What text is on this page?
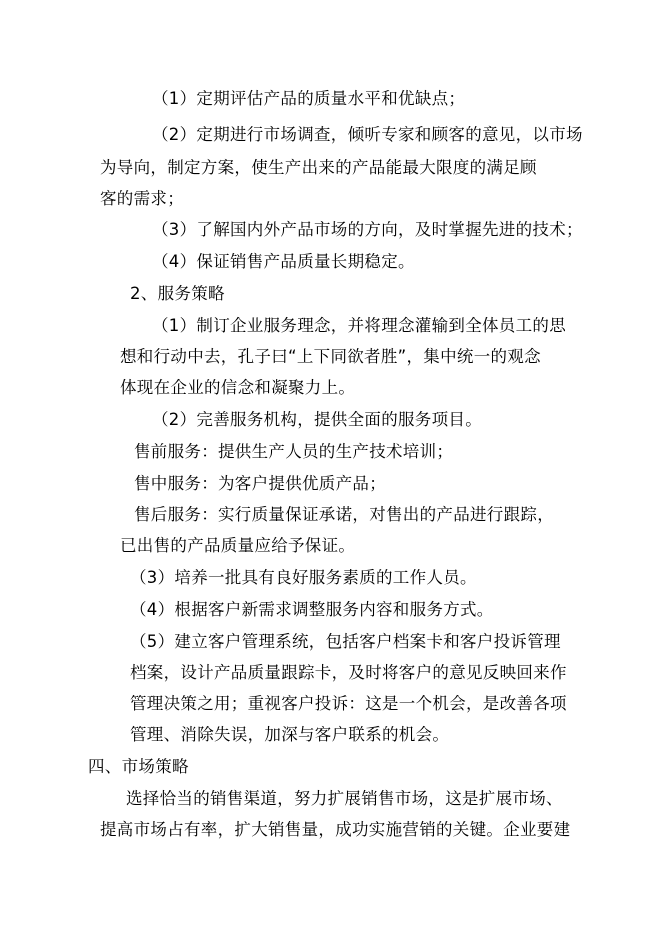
（1）定期评估产品的质量水平和优缺点；

（2）定期进行市场调查，倾听专家和顾客的意见，以市场

为导向，制定方案，使生产出来的产品能最大限度的满足顾

客的需求；

（3）了解国内外产品市场的方向，及时掌握先进的技术；

（4）保证销售产品质量长期稳定。

2、服务策略

（1）制订企业服务理念，并将理念灌输到全体员工的思

想和行动中去，孔子曰“上下同欲者胜”，集中统一的观念

体现在企业的信念和凝聚力上。

（2）完善服务机构，提供全面的服务项目。

售前服务：提供生产人员的生产技术培训；

售中服务：为客户提供优质产品；

售后服务：实行质量保证承诺，对售出的产品进行跟踪，

已出售的产品质量应给予保证。

（3）培养一批具有良好服务素质的工作人员。

（4）根据客户新需求调整服务内容和服务方式。

（5）建立客户管理系统，包括客户档案卡和客户投诉管理

档案，设计产品质量跟踪卡，及时将客户的意见反映回来作

管理决策之用；重视客户投诉：这是一个机会，是改善各项

管理、消除失误，加深与客户联系的机会。

四、市场策略

选择恰当的销售渠道，努力扩展销售市场，这是扩展市场、

提高市场占有率，扩大销售量，成功实施营销的关键。企业要建
